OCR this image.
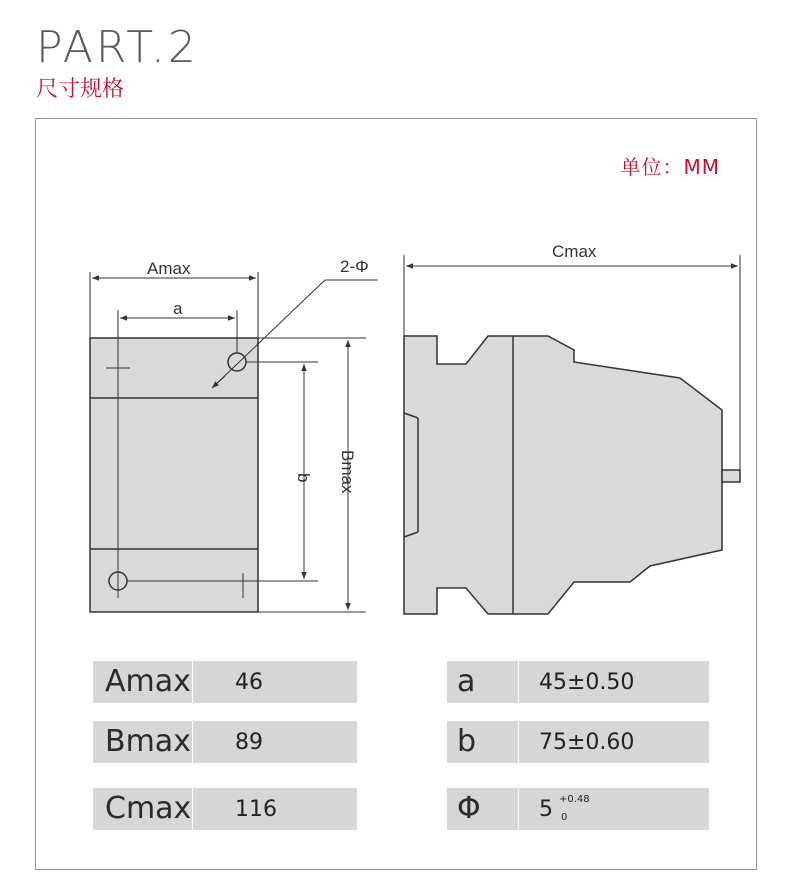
PART.2
尺寸规格
单位：MM
Amax
a
2-Φ
Cmax
b Bmax
Amax	46
Bmax	89
Cmax	116
a	45±0.50
b	75±0.60
Φ	5 +0.48
0
